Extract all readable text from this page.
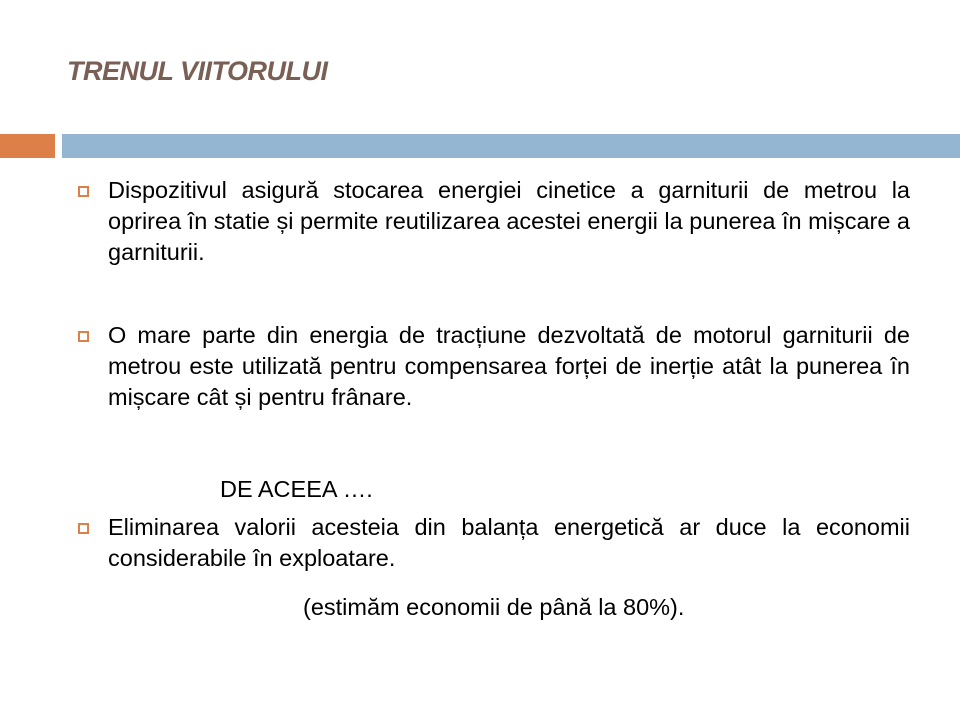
TRENUL VIITORULUI
Dispozitivul asigură stocarea energiei cinetice a garniturii de metrou la oprirea în statie și permite reutilizarea acestei energii la punerea în mișcare a garniturii.
O mare parte din energia de tracțiune dezvoltată de motorul garniturii de metrou este utilizată pentru compensarea forței de inerție atât la punerea în mișcare cât și pentru frânare.
DE ACEEA ….
Eliminarea valorii acesteia din balanța energetică ar duce la economii considerabile în exploatare.
(estimăm economii de până la 80%).
